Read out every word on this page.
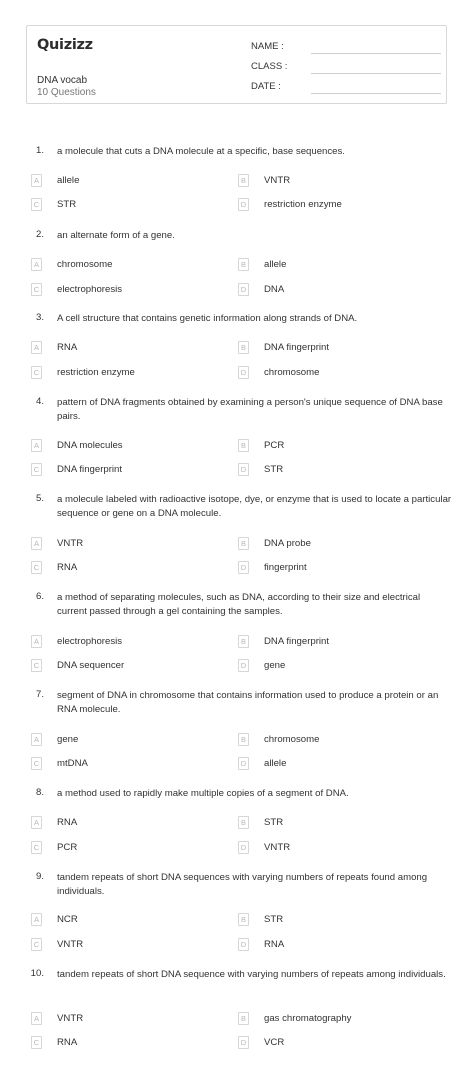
Quizizz
DNA vocab
10 Questions
NAME :
CLASS :
DATE :
1. a molecule that cuts a DNA molecule at a specific, base sequences.
A	allele	B	VNTR
C STR	D restriction enzyme
2. an alternate form of a gene.
A	chromosome	B	allele
C electrophoresis	D DNA
3. A cell structure that contains genetic information along strands of DNA.
A	RNA	B	DNA fingerprint
C restriction enzyme	D chromosome
4. pattern of DNA fragments obtained by examining a person's unique sequence of DNA base pairs.
A	DNA molecules	B	PCR
C DNA fingerprint	D STR
5. a molecule labeled with radioactive isotope, dye, or enzyme that is used to locate a particular sequence or gene on a DNA molecule.
A	VNTR	B	DNA probe
C RNA	D fingerprint
6. a method of separating molecules, such as DNA, according to their size and electrical current passed through a gel containing the samples.
A	electrophoresis	B	DNA fingerprint
C DNA sequencer	D gene
7. segment of DNA in chromosome that contains information used to produce a protein or an RNA molecule.
A	gene	B	chromosome
C mtDNA	D allele
8. a method used to rapidly make multiple copies of a segment of DNA.
A	RNA	B	STR
C PCR	D VNTR
9. tandem repeats of short DNA sequences with varying numbers of repeats found among individuals.
A	NCR	B	STR
C VNTR	D RNA
10. tandem repeats of short DNA sequence with varying numbers of repeats among individuals.
A	VNTR	B	gas chromatography
C RNA	D VCR
